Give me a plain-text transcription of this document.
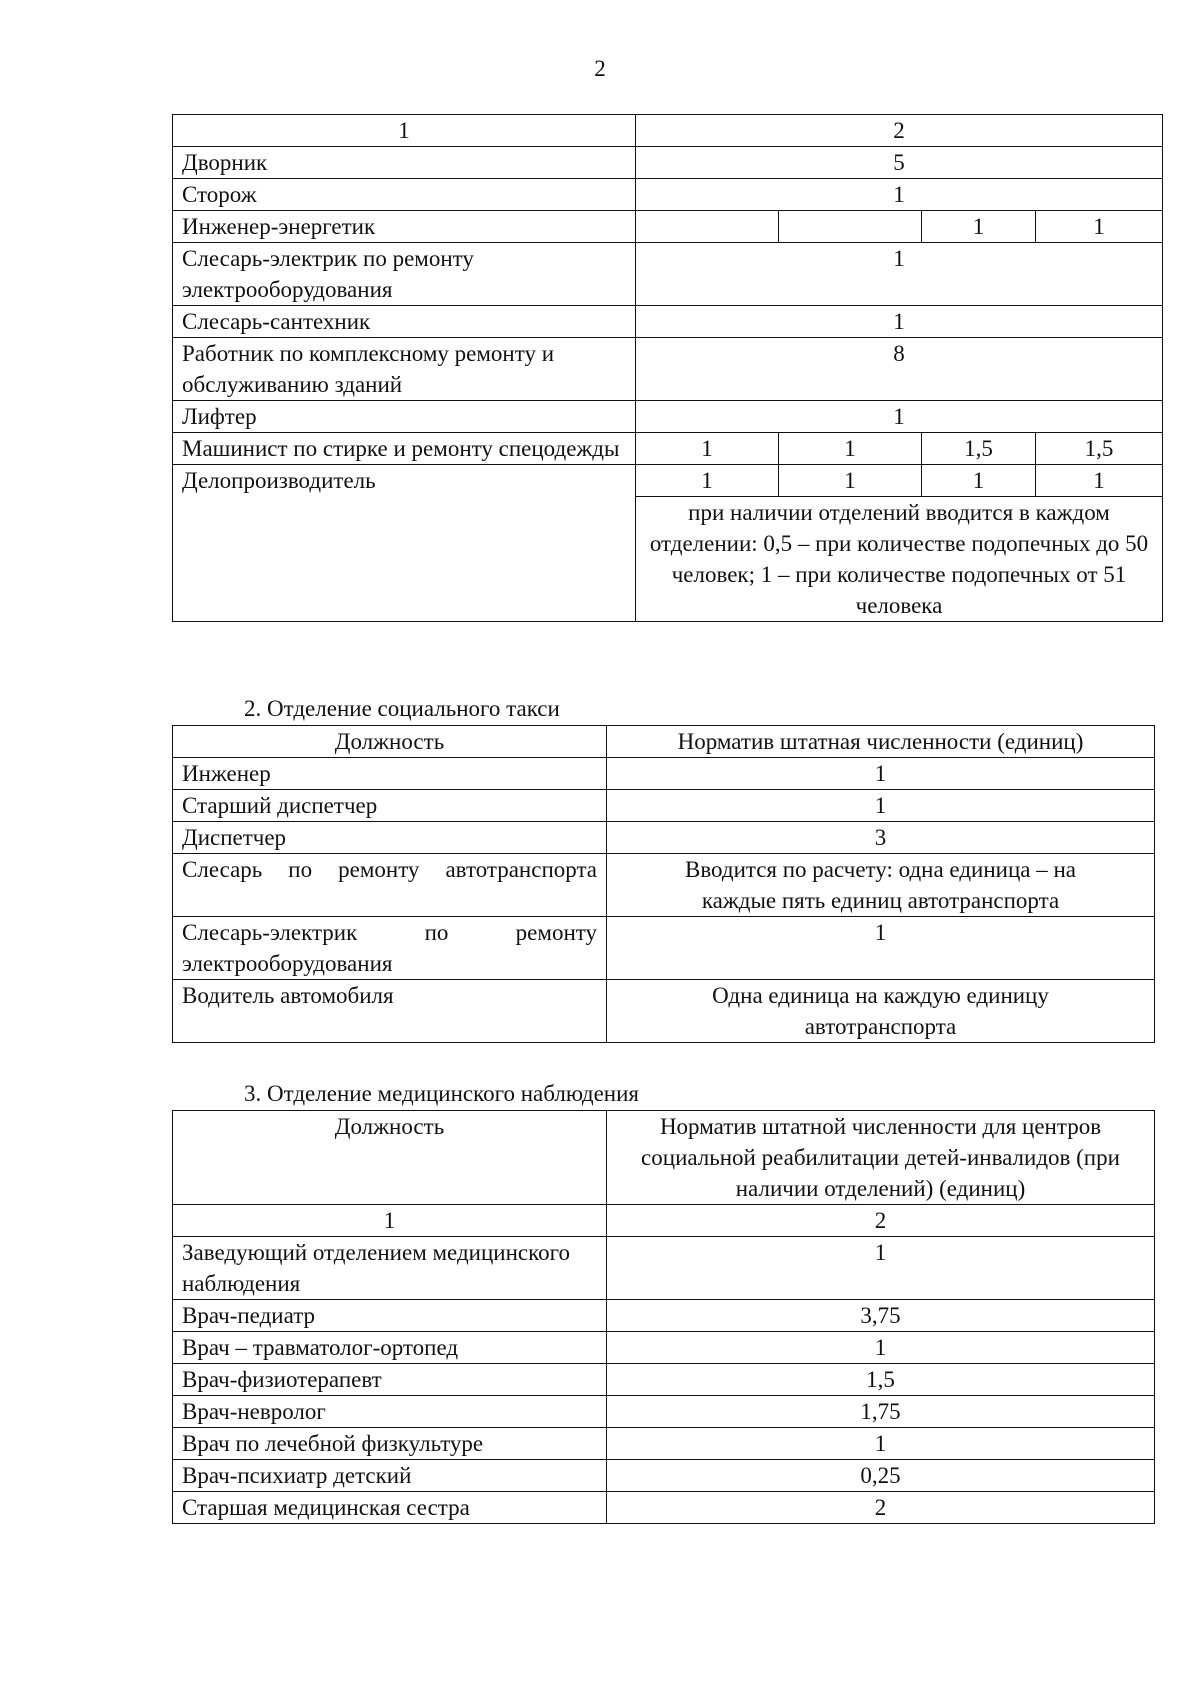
2
1	2			
Дворник	5			
Сторож	1			
Инженер-энергетик			1	1
Слесарь-электрик по ремонту электрооборудования	1			
Слесарь-сантехник	1			
Работник по комплексному ремонту и обслуживанию зданий	8			
Лифтер	1			
Машинист по стирке и ремонту спецодежды	1	1	1,5	1,5
Делопроизводитель	1	1	1	1
	при наличии отделений вводится в каждом отделении: 0,5 – при количестве подопечных до 50 человек; 1 – при количестве подопечных от 51 человека			
2. Отделение социального такси
Должность	Норматив штатная численности (единиц)
Инженер	1
Старший диспетчер	1
Диспетчер	3
Слесарь по ремонту автотранспорта	Вводится по расчету: одна единица – на каждые пять единиц автотранспорта
Слесарь-электрик по ремонту электрооборудования	1
Водитель автомобиля	Одна единица на каждую единицу автотранспорта
3. Отделение медицинского наблюдения
Должность	Норматив штатной численности для центров социальной реабилитации детей-инвалидов (при наличии отделений) (единиц)
1	2
Заведующий отделением медицинского наблюдения	1
Врач-педиатр	3,75
Врач – травматолог-ортопед	1
Врач-физиотерапевт	1,5
Врач-невролог	1,75
Врач по лечебной физкультуре	1
Врач-психиатр детский	0,25
Старшая медицинская сестра	2
